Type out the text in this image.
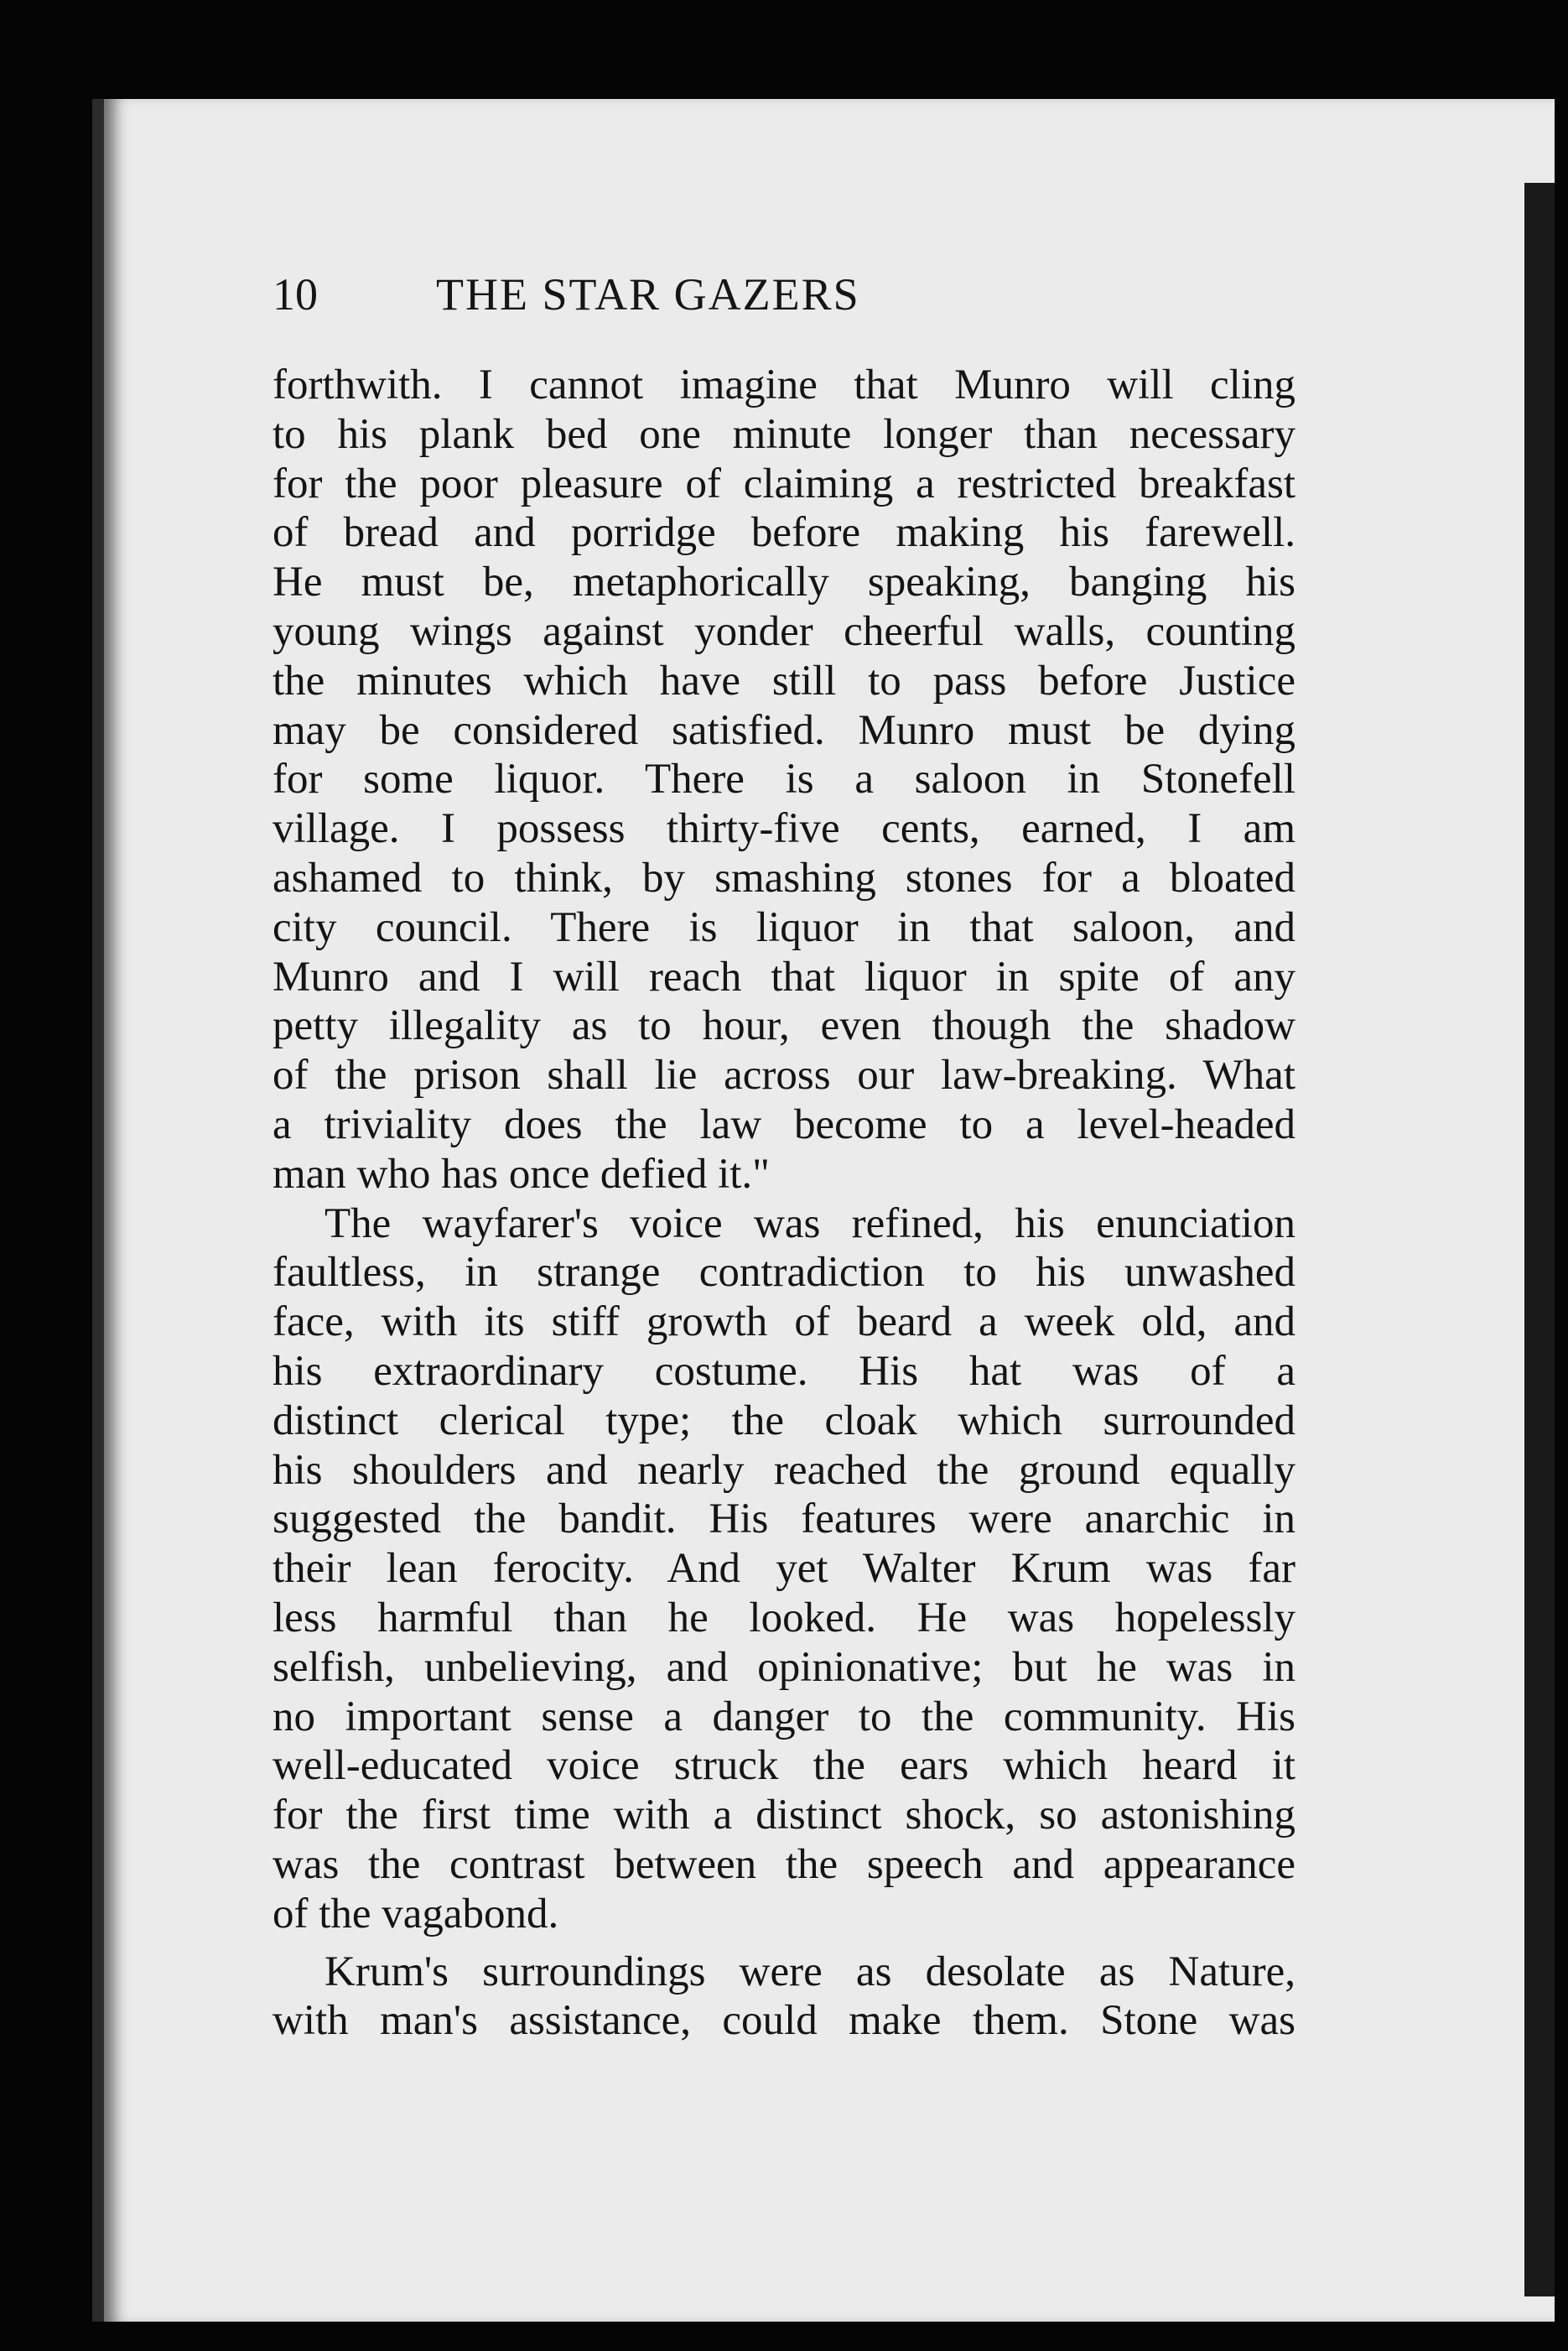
10	THE STAR GAZERS
forthwith. I cannot imagine that Munro will cling
to his plank bed one minute longer than necessary
for the poor pleasure of claiming a restricted breakfast
of bread and porridge before making his farewell.
He must be, metaphorically speaking, banging his
young wings against yonder cheerful walls, counting
the minutes which have still to pass before Justice
may be considered satisfied. Munro must be dying
for some liquor. There is a saloon in Stonefell
village. I possess thirty-five cents, earned, I am
ashamed to think, by smashing stones for a bloated
city council. There is liquor in that saloon, and
Munro and I will reach that liquor in spite of any
petty illegality as to hour, even though the shadow
of the prison shall lie across our law-breaking. What
a triviality does the law become to a level-headed
man who has once defied it."
The wayfarer's voice was refined, his enunciation
faultless, in strange contradiction to his unwashed
face, with its stiff growth of beard a week old, and
his extraordinary costume. His hat was of a
distinct clerical type; the cloak which surrounded
his shoulders and nearly reached the ground equally
suggested the bandit. His features were anarchic in
their lean ferocity. And yet Walter Krum was far
less harmful than he looked. He was hopelessly
selfish, unbelieving, and opinionative; but he was in
no important sense a danger to the community. His
well-educated voice struck the ears which heard it
for the first time with a distinct shock, so astonishing
was the contrast between the speech and appearance
of the vagabond.
Krum's surroundings were as desolate as Nature,
with man's assistance, could make them. Stone was
